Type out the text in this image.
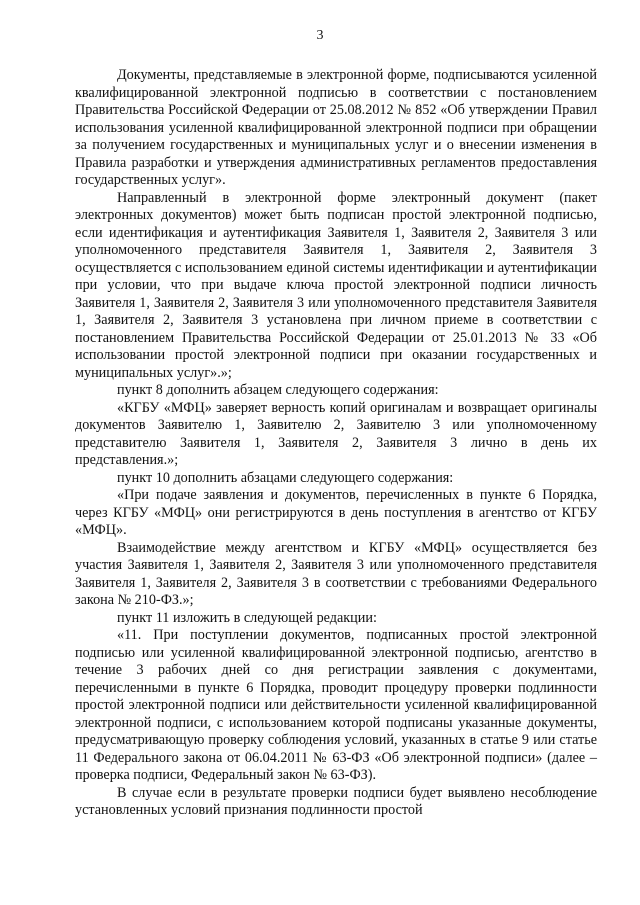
3

Документы, представляемые в электронной форме, подписываются усиленной квалифицированной электронной подписью в соответствии с постановлением Правительства Российской Федерации от 25.08.2012 № 852 «Об утверждении Правил использования усиленной квалифицированной электронной подписи при обращении за получением государственных и муниципальных услуг и о внесении изменения в Правила разработки и утверждения административных регламентов предоставления государственных услуг».

Направленный в электронной форме электронный документ (пакет электронных документов) может быть подписан простой электронной подписью, если идентификация и аутентификация Заявителя 1, Заявителя 2, Заявителя 3 или уполномоченного представителя Заявителя 1, Заявителя 2, Заявителя 3 осуществляется с использованием единой системы идентификации и аутентификации при условии, что при выдаче ключа простой электронной подписи личность Заявителя 1, Заявителя 2, Заявителя 3 или уполномоченного представителя Заявителя 1, Заявителя 2, Заявителя 3 установлена при личном приеме в соответствии с постановлением Правительства Российской Федерации от 25.01.2013 № 33 «Об использовании простой электронной подписи при оказании государственных и муниципальных услуг».»;

пункт 8 дополнить абзацем следующего содержания:

«КГБУ «МФЦ» заверяет верность копий оригиналам и возвращает оригиналы документов Заявителю 1, Заявителю 2, Заявителю 3 или уполномоченному представителю Заявителя 1, Заявителя 2, Заявителя 3 лично в день их представления.»;

пункт 10 дополнить абзацами следующего содержания:

«При подаче заявления и документов, перечисленных в пункте 6 Порядка, через КГБУ «МФЦ» они регистрируются в день поступления в агентство от КГБУ «МФЦ».

Взаимодействие между агентством и КГБУ «МФЦ» осуществляется без участия Заявителя 1, Заявителя 2, Заявителя 3 или уполномоченного представителя Заявителя 1, Заявителя 2, Заявителя 3 в соответствии с требованиями Федерального закона № 210-ФЗ.»;

пункт 11 изложить в следующей редакции:

«11. При поступлении документов, подписанных простой электронной подписью или усиленной квалифицированной электронной подписью, агентство в течение 3 рабочих дней со дня регистрации заявления с документами, перечисленными в пункте 6 Порядка, проводит процедуру проверки подлинности простой электронной подписи или действительности усиленной квалифицированной электронной подписи, с использованием которой подписаны указанные документы, предусматривающую проверку соблюдения условий, указанных в статье 9 или статье 11 Федерального закона от 06.04.2011 № 63-ФЗ «Об электронной подписи» (далее – проверка подписи, Федеральный закон № 63-ФЗ).

В случае если в результате проверки подписи будет выявлено несоблюдение установленных условий признания подлинности простой
